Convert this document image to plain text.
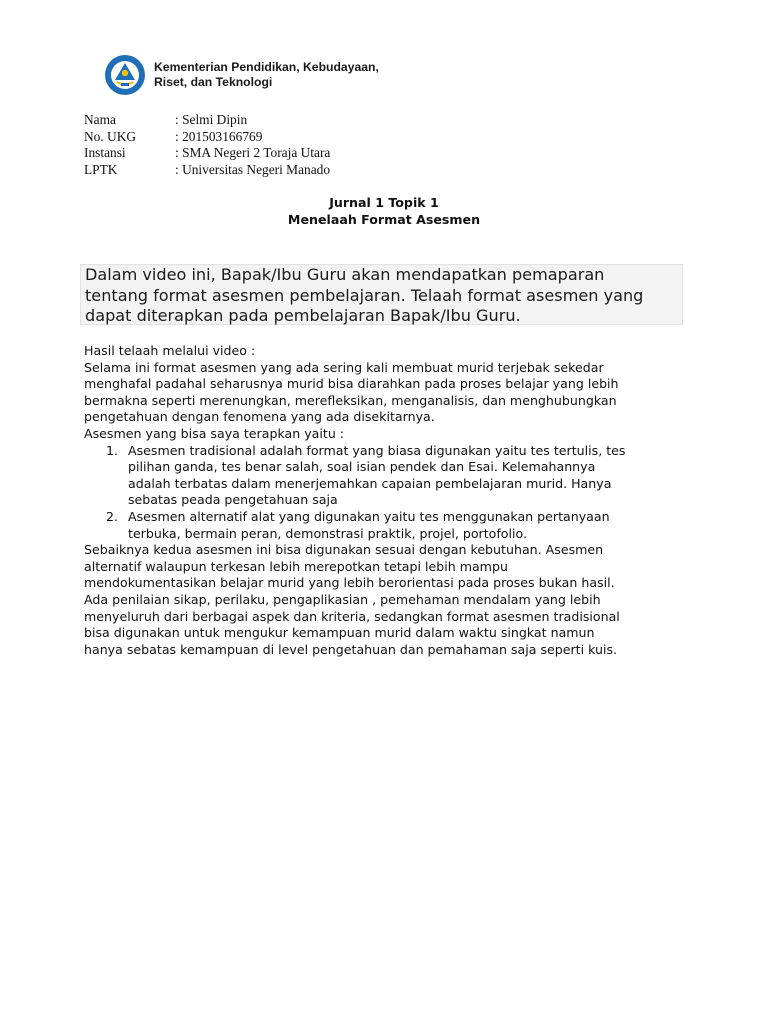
Kementerian Pendidikan, Kebudayaan,
Riset, dan Teknologi
Nama	: Selmi Dipin
No. UKG	: 201503166769
Instansi	: SMA Negeri 2 Toraja Utara
LPTK	: Universitas Negeri Manado
Jurnal 1 Topik 1
Menelaah Format Asesmen
Dalam video ini, Bapak/Ibu Guru akan mendapatkan pemaparan
tentang format asesmen pembelajaran. Telaah format asesmen yang
dapat diterapkan pada pembelajaran Bapak/Ibu Guru.
Hasil telaah melalui video :
Selama ini format asesmen yang ada sering kali membuat murid terjebak sekedar
menghafal padahal seharusnya murid bisa diarahkan pada proses belajar yang lebih
bermakna seperti merenungkan, merefleksikan, menganalisis, dan menghubungkan
pengetahuan dengan fenomena yang ada disekitarnya.
Asesmen yang bisa saya terapkan yaitu :
1. Asesmen tradisional adalah format yang biasa digunakan yaitu tes tertulis, tes
pilihan ganda, tes benar salah, soal isian pendek dan Esai. Kelemahannya
adalah terbatas dalam menerjemahkan capaian pembelajaran murid. Hanya
sebatas peada pengetahuan saja
2. Asesmen alternatif alat yang digunakan yaitu tes menggunakan pertanyaan
terbuka, bermain peran, demonstrasi praktik, projel, portofolio.
Sebaiknya kedua asesmen ini bisa digunakan sesuai dengan kebutuhan. Asesmen
alternatif walaupun terkesan lebih merepotkan tetapi lebih mampu
mendokumentasikan belajar murid yang lebih berorientasi pada proses bukan hasil.
Ada penilaian sikap, perilaku, pengaplikasian , pemehaman mendalam yang lebih
menyeluruh dari berbagai aspek dan kriteria, sedangkan format asesmen tradisional
bisa digunakan untuk mengukur kemampuan murid dalam waktu singkat namun
hanya sebatas kemampuan di level pengetahuan dan pemahaman saja seperti kuis.
